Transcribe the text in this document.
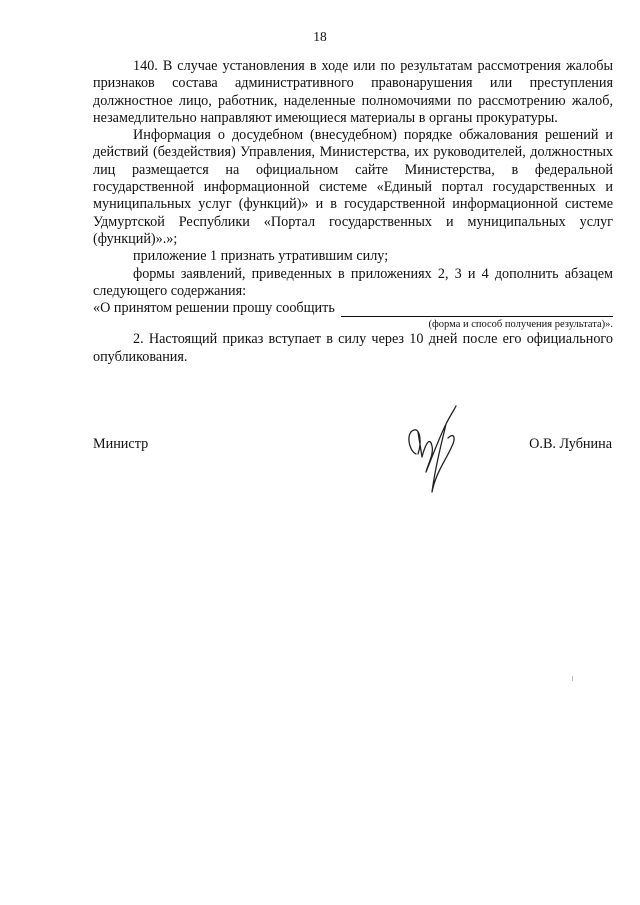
18

140. В случае установления в ходе или по результатам рассмотрения жалобы признаков состава административного правонарушения или преступления должностное лицо, работник, наделенные полномочиями по рассмотрению жалоб, незамедлительно направляют имеющиеся материалы в органы прокуратуры.

Информация о досудебном (внесудебном) порядке обжалования решений и действий (бездействия) Управления, Министерства, их руководителей, должностных лиц размещается на официальном сайте Министерства, в федеральной государственной информационной системе «Единый портал государственных и муниципальных услуг (функций)» и в государственной информационной системе Удмуртской Республики «Портал государственных и муниципальных услуг (функций)».»;

приложение 1 признать утратившим силу;

формы заявлений, приведенных в приложениях 2, 3 и 4 дополнить абзацем следующего содержания:

«О принятом решении прошу сообщить
(форма и способ получения результата)».

2. Настоящий приказ вступает в силу через 10 дней после его официального опубликования.

Министр	О.В. Лубнина
